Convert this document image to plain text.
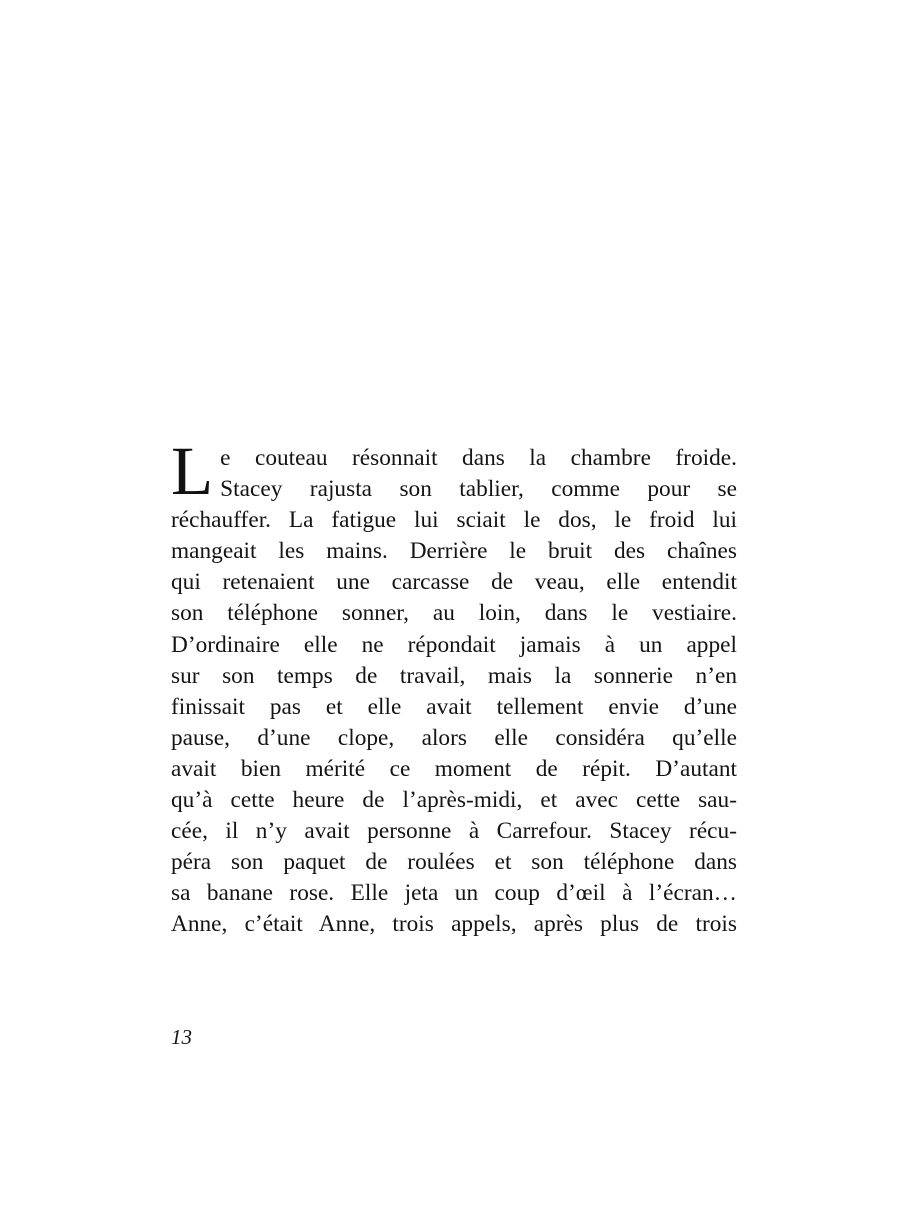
L e couteau résonnait dans la chambre froide.
Stacey rajusta son tablier, comme pour se
réchauffer. La fatigue lui sciait le dos, le froid lui
mangeait les mains. Derrière le bruit des chaînes
qui retenaient une carcasse de veau, elle entendit
son téléphone sonner, au loin, dans le vestiaire.
D’ordinaire elle ne répondait jamais à un appel
sur son temps de travail, mais la sonnerie n’en
finissait pas et elle avait tellement envie d’une
pause, d’une clope, alors elle considéra qu’elle
avait bien mérité ce moment de répit. D’autant
qu’à cette heure de l’après-midi, et avec cette sau-
cée, il n’y avait personne à Carrefour. Stacey récu-
péra son paquet de roulées et son téléphone dans
sa banane rose. Elle jeta un coup d’œil à l’écran…
Anne, c’était Anne, trois appels, après plus de trois

13
